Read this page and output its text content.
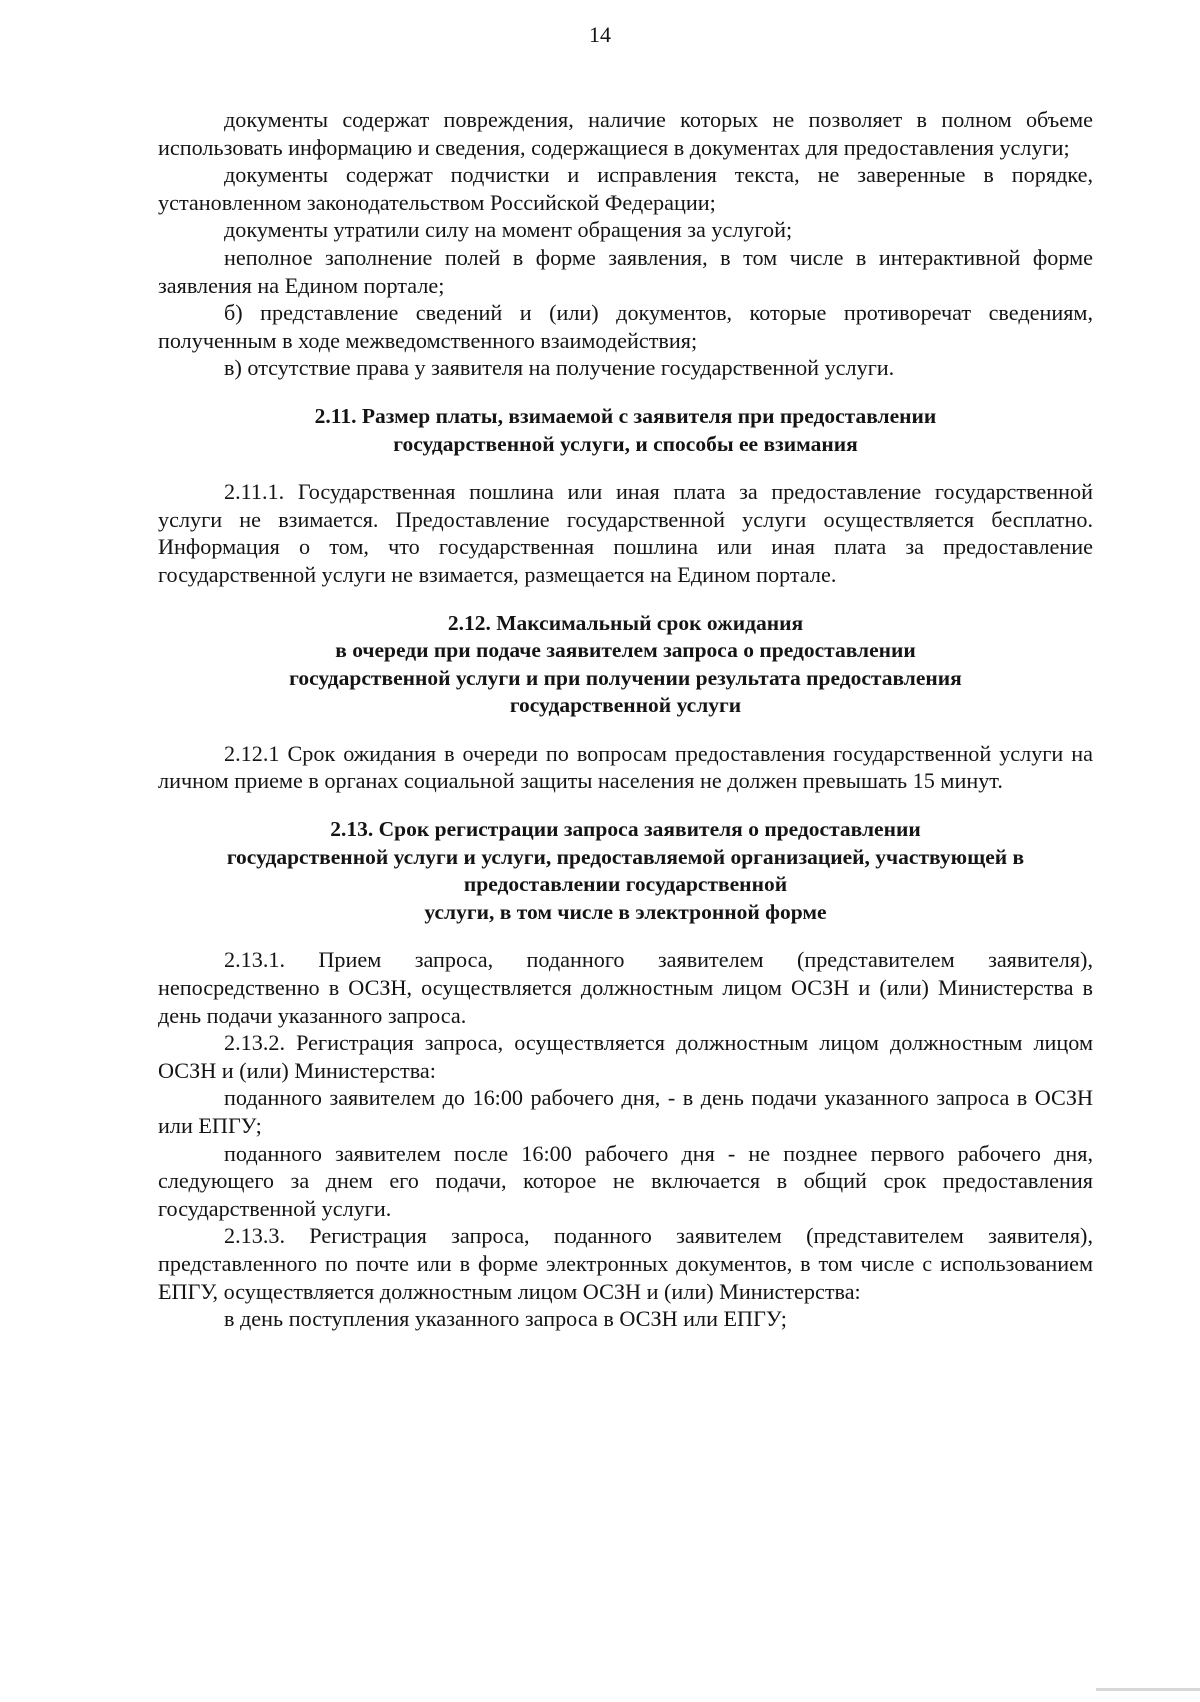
14

документы содержат повреждения, наличие которых не позволяет в полном объеме использовать информацию и сведения, содержащиеся в документах для предоставления услуги;

документы содержат подчистки и исправления текста, не заверенные в порядке, установленном законодательством Российской Федерации;

документы утратили силу на момент обращения за услугой;

неполное заполнение полей в форме заявления, в том числе в интерактивной форме заявления на Едином портале;

б) представление сведений и (или) документов, которые противоречат сведениям, полученным в ходе межведомственного взаимодействия;

в) отсутствие права у заявителя на получение государственной услуги.

2.11. Размер платы, взимаемой с заявителя при предоставлении
государственной услуги, и способы ее взимания

2.11.1. Государственная пошлина или иная плата за предоставление государственной услуги не взимается. Предоставление государственной услуги осуществляется бесплатно. Информация о том, что государственная пошлина или иная плата за предоставление государственной услуги не взимается, размещается на Едином портале.

2.12. Максимальный срок ожидания
в очереди при подаче заявителем запроса о предоставлении
государственной услуги и при получении результата предоставления
государственной услуги

2.12.1 Срок ожидания в очереди по вопросам предоставления государственной услуги на личном приеме в органах социальной защиты населения не должен превышать 15 минут.

2.13. Срок регистрации запроса заявителя о предоставлении
государственной услуги и услуги, предоставляемой организацией, участвующей в
предоставлении государственной
услуги, в том числе в электронной форме

2.13.1. Прием запроса, поданного заявителем (представителем заявителя), непосредственно в ОСЗН, осуществляется должностным лицом ОСЗН и (или) Министерства в день подачи указанного запроса.

2.13.2. Регистрация запроса, осуществляется должностным лицом должностным лицом ОСЗН и (или) Министерства:

поданного заявителем до 16:00 рабочего дня, - в день подачи указанного запроса в ОСЗН или ЕПГУ;

поданного заявителем после 16:00 рабочего дня - не позднее первого рабочего дня, следующего за днем его подачи, которое не включается в общий срок предоставления государственной услуги.

2.13.3. Регистрация запроса, поданного заявителем (представителем заявителя), представленного по почте или в форме электронных документов, в том числе с использованием ЕПГУ, осуществляется должностным лицом ОСЗН и (или) Министерства:

в день поступления указанного запроса в ОСЗН или ЕПГУ;
